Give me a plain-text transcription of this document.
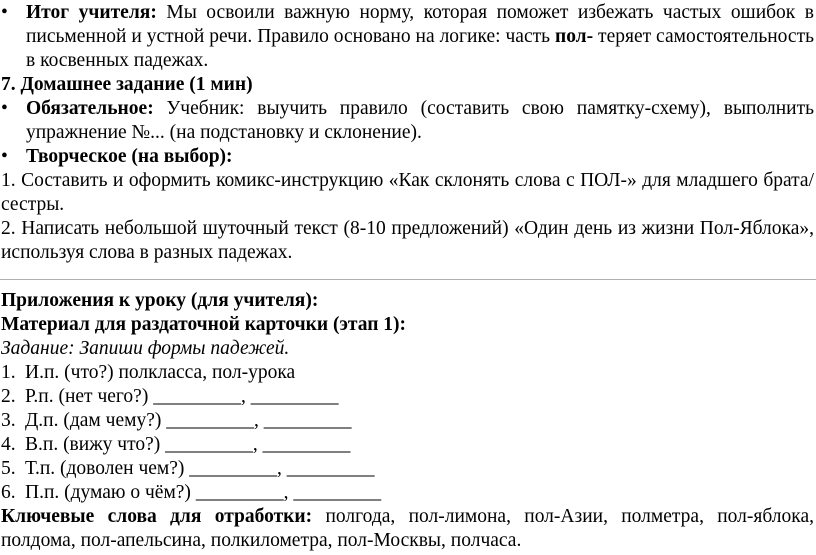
• Итог учителя: Мы освоили важную норму, которая поможет избежать частых ошибок в письменной и устной речи. Правило основано на логике: часть пол- теряет самостоятельность в косвенных падежах.

7. Домашнее задание (1 мин)

• Обязательное: Учебник: выучить правило (составить свою памятку-схему), выполнить упражнение №... (на подстановку и склонение).

• Творческое (на выбор):

1. Составить и оформить комикс-инструкцию «Как склонять слова с ПОЛ-» для младшего брата/сестры.

2. Написать небольшой шуточный текст (8-10 предложений) «Один день из жизни Пол-Яблока», используя слова в разных падежах.

Приложения к уроку (для учителя):

Материал для раздаточной карточки (этап 1):

Задание: Запиши формы падежей.

1. И.п. (что?) полкласса, пол-урока

2. Р.п. (нет чего?) _________, _________

3. Д.п. (дам чему?) _________, _________

4. В.п. (вижу что?) _________, _________

5. Т.п. (доволен чем?) _________, _________

6. П.п. (думаю о чём?) _________, _________

Ключевые слова для отработки: полгода, пол-лимона, пол-Азии, полметра, пол-яблока, полдома, пол-апельсина, полкилометра, пол-Москвы, полчаса.
